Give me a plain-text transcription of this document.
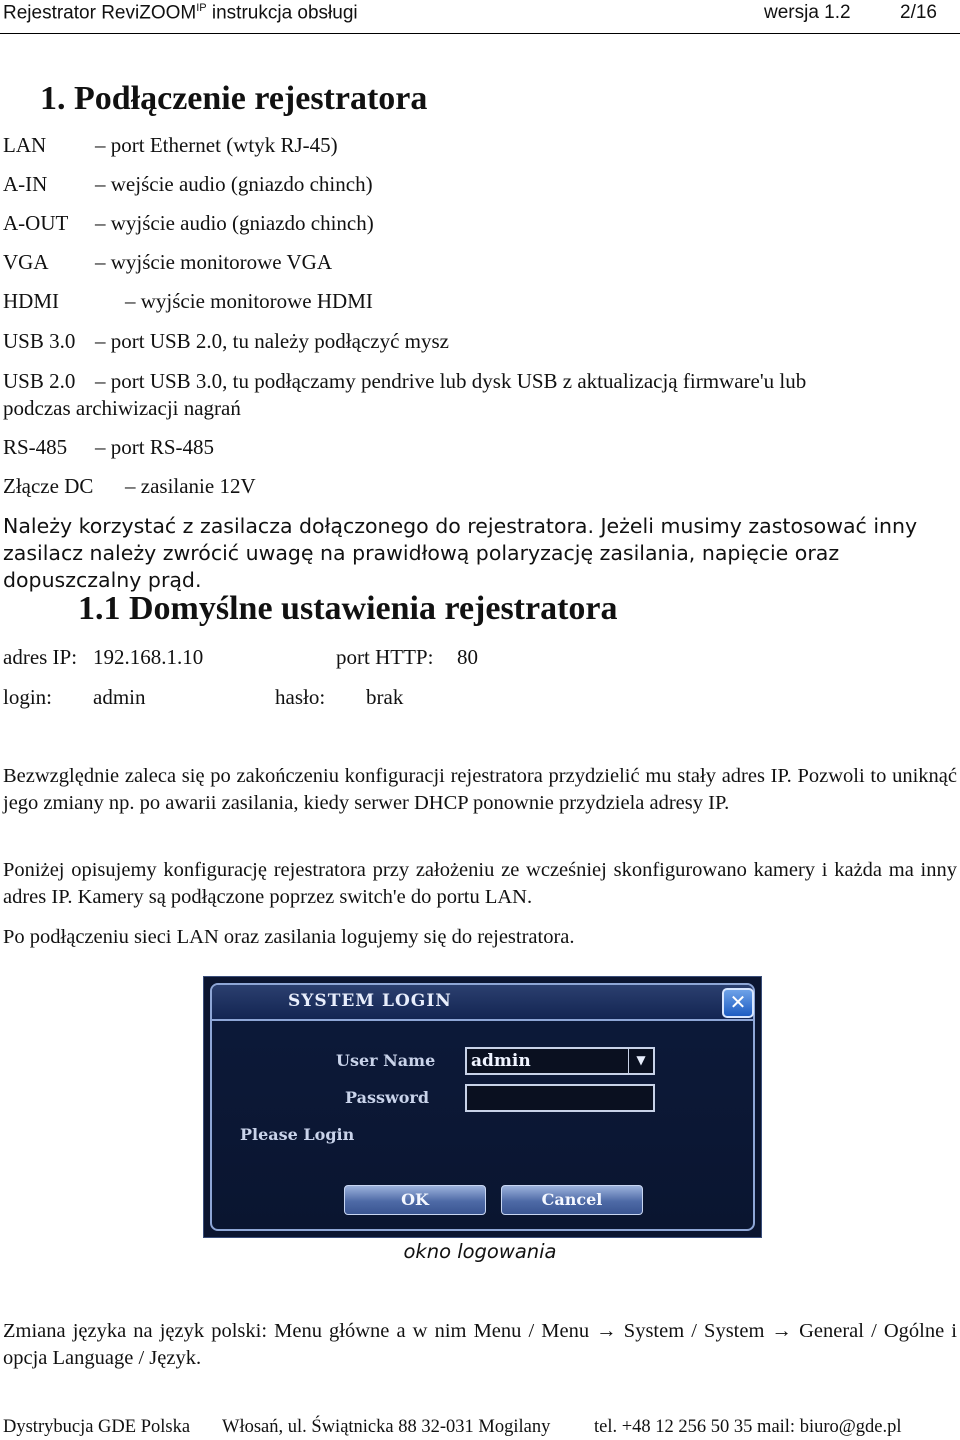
Rejestrator ReviZOOM$^{IP}$ instrukcja obsługi	wersja 1.2	2/16
1. Podłączenie rejestratora
LAN – port Ethernet (wtyk RJ-45)
A-IN – wejście audio (gniazdo chinch)
A-OUT – wyjście audio (gniazdo chinch)
VGA – wyjście monitorowe VGA
HDMI	– wyjście monitorowe HDMI
USB 3.0 – port USB 2.0, tu należy podłączyć mysz
USB 2.0 – port USB 3.0, tu podłączamy pendrive lub dysk USB z aktualizacją firmware'u lub
podczas archiwizacji nagrań
RS-485 – port RS-485
Złącze DC – zasilanie 12V
Należy korzystać z zasilacza dołączonego do rejestratora. Jeżeli musimy zastosować inny zasilacz należy zwrócić uwagę na prawidłową polaryzację zasilania, napięcie oraz dopuszczalny prąd.
1.1 Domyślne ustawienia rejestratora
adres IP: 192.168.1.10	port HTTP: 80
login: admin	hasło: brak
Bezwzględnie zaleca się po zakończeniu konfiguracji rejestratora przydzielić mu stały adres IP. Pozwoli to uniknąć jego zmiany np. po awarii zasilania, kiedy serwer DHCP ponownie przydziela adresy IP.
Poniżej opisujemy konfigurację rejestratora przy założeniu ze wcześniej skonfigurowano kamery i każda ma inny adres IP. Kamery są podłączone poprzez switch'e do portu LAN.
Po podłączeniu sieci LAN oraz zasilania logujemy się do rejestratora.
SYSTEM LOGIN	✕
User Name	admin	▼
Password
Please Login
OK	Cancel
okno logowania
Zmiana języka na język polski: Menu główne a w nim Menu / Menu → System / System → General / Ogólne i opcja Language / Język.
Dystrybucja GDE Polska Włosań, ul. Świątnicka 88 32-031 Mogilany tel. +48 12 256 50 35 mail: biuro@gde.pl
